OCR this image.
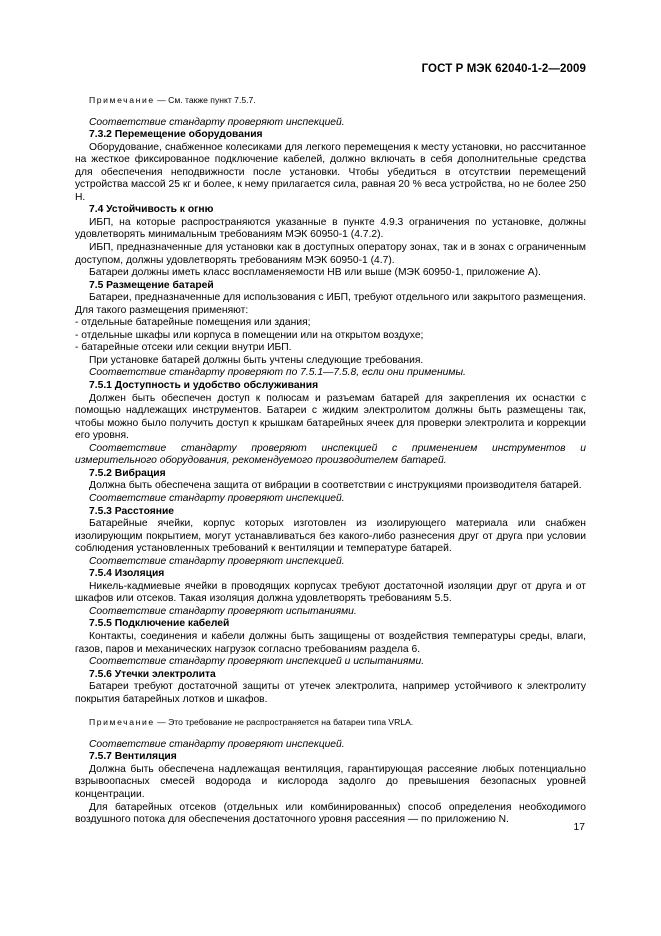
ГОСТ Р МЭК 62040-1-2—2009

Примечание — См. также пункт 7.5.7.

Соответствие стандарту проверяют инспекцией.

7.3.2 Перемещение оборудования

Оборудование, снабженное колесиками для легкого перемещения к месту установки, но рассчитанное на жесткое фиксированное подключение кабелей, должно включать в себя дополнительные средства для обеспечения неподвижности после установки. Чтобы убедиться в отсутствии перемещений устройства массой 25 кг и более, к нему прилагается сила, равная 20 % веса устройства, но не более 250 Н.

7.4 Устойчивость к огню

ИБП, на которые распространяются указанные в пункте 4.9.3 ограничения по установке, должны удовлетворять минимальным требованиям МЭК 60950-1 (4.7.2).

ИБП, предназначенные для установки как в доступных оператору зонах, так и в зонах с ограниченным доступом, должны удовлетворять требованиям МЭК 60950-1 (4.7).

Батареи должны иметь класс воспламеняемости НВ или выше (МЭК 60950-1, приложение А).

7.5 Размещение батарей

Батареи, предназначенные для использования с ИБП, требуют отдельного или закрытого размещения. Для такого размещения применяют:

- отдельные батарейные помещения или здания;

- отдельные шкафы или корпуса в помещении или на открытом воздухе;

- батарейные отсеки или секции внутри ИБП.

При установке батарей должны быть учтены следующие требования.

Соответствие стандарту проверяют по 7.5.1—7.5.8, если они применимы.

7.5.1 Доступность и удобство обслуживания

Должен быть обеспечен доступ к полюсам и разъемам батарей для закрепления их оснастки с помощью надлежащих инструментов. Батареи с жидким электролитом должны быть размещены так, чтобы можно было получить доступ к крышкам батарейных ячеек для проверки электролита и коррекции его уровня.

Соответствие стандарту проверяют инспекцией с применением инструментов и измерительного оборудования, рекомендуемого производителем батарей.

7.5.2 Вибрация

Должна быть обеспечена защита от вибрации в соответствии с инструкциями производителя батарей.

Соответствие стандарту проверяют инспекцией.

7.5.3 Расстояние

Батарейные ячейки, корпус которых изготовлен из изолирующего материала или снабжен изолирующим покрытием, могут устанавливаться без какого-либо разнесения друг от друга при условии соблюдения установленных требований к вентиляции и температуре батарей.

Соответствие стандарту проверяют инспекцией.

7.5.4 Изоляция

Никель-кадмиевые ячейки в проводящих корпусах требуют достаточной изоляции друг от друга и от шкафов или отсеков. Такая изоляция должна удовлетворять требованиям 5.5.

Соответствие стандарту проверяют испытаниями.

7.5.5 Подключение кабелей

Контакты, соединения и кабели должны быть защищены от воздействия температуры среды, влаги, газов, паров и механических нагрузок согласно требованиям раздела 6.

Соответствие стандарту проверяют инспекцией и испытаниями.

7.5.6 Утечки электролита

Батареи требуют достаточной защиты от утечек электролита, например устойчивого к электролиту покрытия батарейных лотков и шкафов.

Примечание — Это требование не распространяется на батареи типа VRLA.

Соответствие стандарту проверяют инспекцией.

7.5.7 Вентиляция

Должна быть обеспечена надлежащая вентиляция, гарантирующая рассеяние любых потенциально взрывоопасных смесей водорода и кислорода задолго до превышения безопасных уровней концентрации.

Для батарейных отсеков (отдельных или комбинированных) способ определения необходимого воздушного потока для обеспечения достаточного уровня рассеяния — по приложению N.

17
